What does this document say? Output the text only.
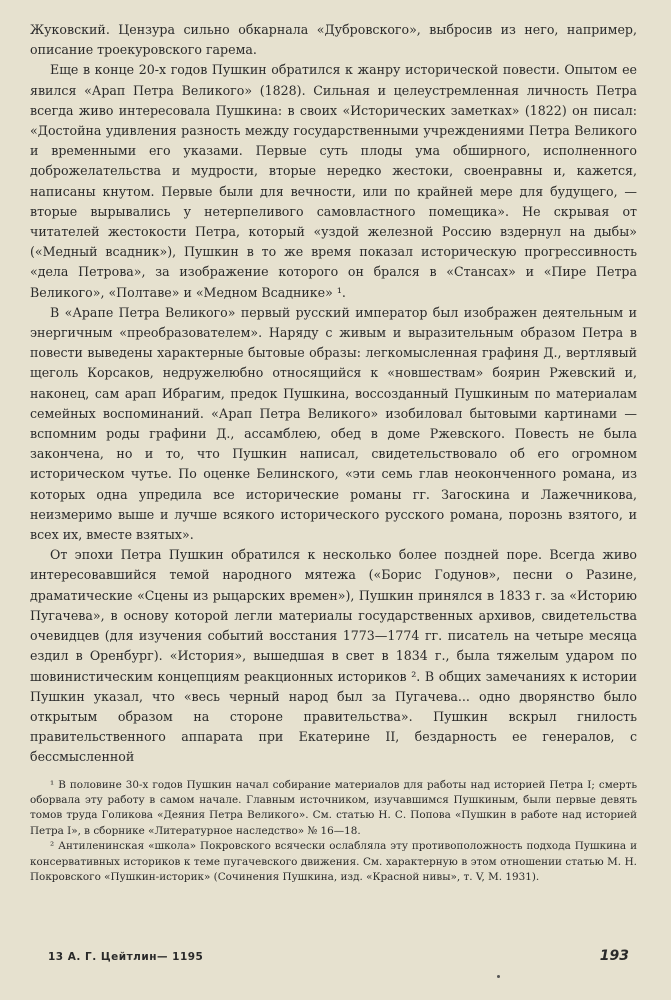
Жуковский. Цензура сильно обкарнала «Дубровского», выбросив из него, например, описание троекуровского гарема.

Еще в конце 20-х годов Пушкин обратился к жанру исторической повести. Опытом ее явился «Арап Петра Великого» (1828). Сильная и целеустремленная личность Петра всегда живо интересовала Пушкина: в своих «Исторических заметках» (1822) он писал: «Достойна удивления разность между государственными учреждениями Петра Великого и временными его указами. Первые суть плоды ума обширного, исполненного доброжелательства и мудрости, вторые нередко жестоки, своенравны и, кажется, написаны кнутом. Первые были для вечности, или по крайней мере для будущего, — вторые вырывались у нетерпеливого самовластного помещика». Не скрывая от читателей жестокости Петра, который «уздой железной Россию вздернул на дыбы» («Медный всадник»), Пушкин в то же время показал историческую прогрессивность «дела Петрова», за изображение которого он брался в «Стансах» и «Пире Петра Великого», «Полтаве» и «Медном Всаднике» ¹.

В «Арапе Петра Великого» первый русский император был изображен деятельным и энергичным «преобразователем». Наряду с живым и выразительным образом Петра в повести выведены характерные бытовые образы: легкомысленная графиня Д., вертлявый щеголь Корсаков, недружелюбно относящийся к «новшествам» боярин Ржевский и, наконец, сам арап Ибрагим, предок Пушкина, воссозданный Пушкиным по материалам семейных воспоминаний. «Арап Петра Великого» изобиловал бытовыми картинами — вспомним роды графини Д., ассамблею, обед в доме Ржевского. Повесть не была закончена, но и то, что Пушкин написал, свидетельствовало об его огромном историческом чутье. По оценке Белинского, «эти семь глав неоконченного романа, из которых одна упредила все исторические романы гг. Загоскина и Лажечникова, неизмеримо выше и лучше всякого исторического русского романа, порознь взятого, и всех их, вместе взятых».

От эпохи Петра Пушкин обратился к несколько более поздней поре. Всегда живо интересовавшийся темой народного мятежа («Борис Годунов», песни о Разине, драматические «Сцены из рыцарских времен»), Пушкин принялся в 1833 г. за «Историю Пугачева», в основу которой легли материалы государственных архивов, свидетельства очевидцев (для изучения событий восстания 1773—1774 гг. писатель на четыре месяца ездил в Оренбург). «История», вышедшая в свет в 1834 г., была тяжелым ударом по шовинистическим концепциям реакционных историков ². В общих замечаниях к истории Пушкин указал, что «весь черный народ был за Пугачева... одно дворянство было открытым образом на стороне правительства». Пушкин вскрыл гнилость правительственного аппарата при Екатерине II, бездарность ее генералов, с бессмысленной

¹ В половине 30-х годов Пушкин начал собирание материалов для работы над историей Петра I; смерть оборвала эту работу в самом начале. Главным источником, изучавшимся Пушкиным, были первые девять томов труда Голикова «Деяния Петра Великого». См. статью Н. С. Попова «Пушкин в работе над историей Петра I», в сборнике «Литературное наследство» № 16—18.

² Антиленинская «школа» Покровского всячески ослабляла эту противоположность подхода Пушкина и консервативных историков к теме пугачевского движения. См. характерную в этом отношении статью М. Н. Покровского «Пушкин-историк» (Сочинения Пушкина, изд. «Красной нивы», т. V, М. 1931).

13 А. Г. Цейтлин— 1195	193
